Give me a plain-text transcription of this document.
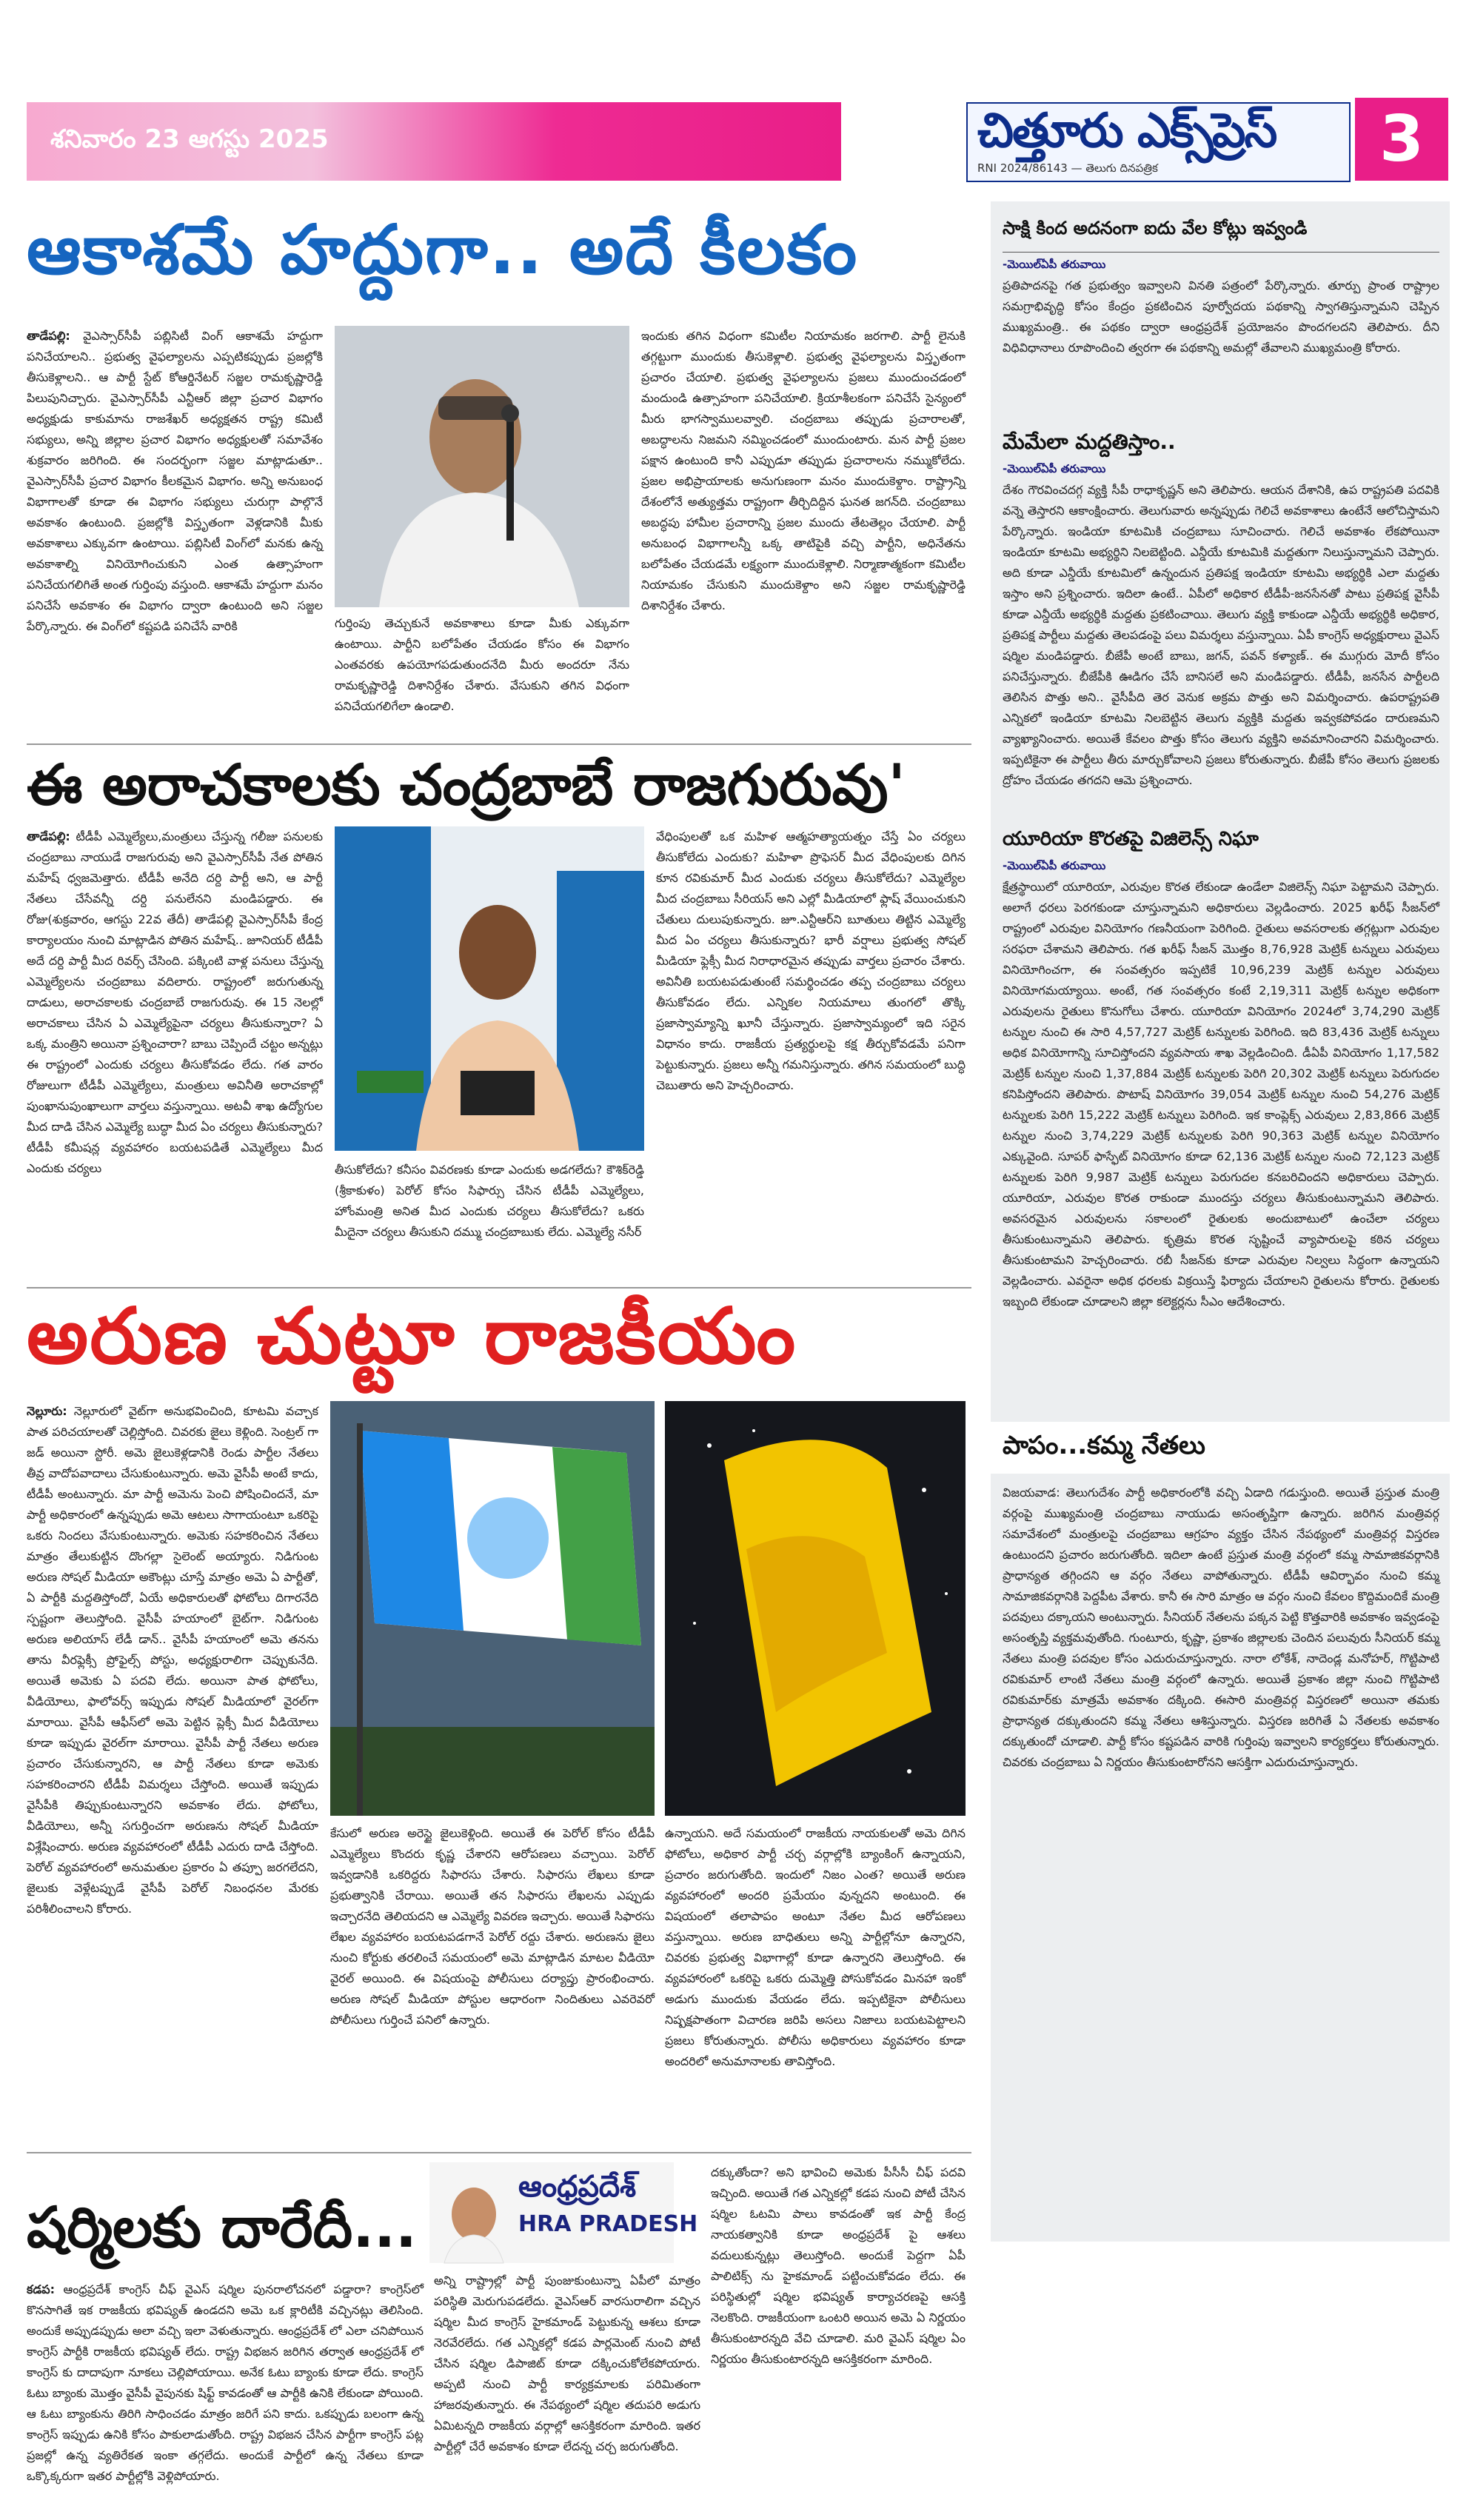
శనివారం 23 ఆగస్టు 2025	చిత్తూరు ఎక్స్‌ప్రెస్
RNI 2024/86143 — తెలుగు దినపత్రిక	3
ఆకాశమే హద్దుగా.. అదే కీలకం
తాడేపల్లి: వైఎస్సార్‌సీపీ పబ్లిసిటీ వింగ్ ఆకాశమే హద్దుగా పనిచేయాలని.. ప్రభుత్వ వైఫల్యాలను ఎప్పటికప్పుడు ప్రజల్లోకి తీసుకెళ్లాలని.. ఆ పార్టీ స్టేట్ కోఆర్డినేటర్ సజ్జల రామకృష్ణారెడ్డి పిలుపునిచ్చారు. వైఎస్సార్‌సీపీ ఎన్టీఆర్ జిల్లా ప్రచార విభాగం అధ్యక్షుడు కాకుమాను రాజశేఖర్ అధ్యక్షతన రాష్ట్ర కమిటీ సభ్యులు, అన్ని జిల్లాల ప్రచార విభాగం అధ్యక్షులతో సమావేశం శుక్రవారం జరిగింది. ఈ సందర్భంగా సజ్జల మాట్లాడుతూ.. వైఎస్సార్‌సీపీ ప్రచార విభాగం కీలకమైన విభాగం. అన్ని అనుబంధ విభాగాలతో కూడా ఈ విభాగం సభ్యులు చురుగ్గా పాల్గొనే అవకాశం ఉంటుంది. ప్రజల్లోకి విస్తృతంగా వెళ్లడానికి మీకు అవకాశాలు ఎక్కువగా ఉంటాయి. పబ్లిసిటీ వింగ్‌లో మనకు ఉన్న అవకాశాల్ని వినియోగించుకుని ఎంత ఉత్సాహంగా పనిచేయగలిగితే అంత గుర్తింపు వస్తుంది. ఆకాశమే హద్దుగా మనం పనిచేసే అవకాశం ఈ విభాగం ద్వారా ఉంటుంది అని సజ్జల పేర్కొన్నారు. ఈ వింగ్‌లో కష్టపడి పనిచేసే వారికి	గుర్తింపు తెచ్చుకునే అవకాశాలు కూడా మీకు ఎక్కువగా ఉంటాయి. పార్టీని బలోపేతం చేయడం కోసం ఈ విభాగం ఎంతవరకు ఉపయోగపడుతుందనేది మీరు అందరూ నేను రామకృష్ణారెడ్డి దిశానిర్దేశం చేశారు. వేసుకుని తగిన విధంగా పనిచేయగలిగేలా ఉండాలి.
ఇందుకు తగిన విధంగా కమిటీల నియామకం జరగాలి. పార్టీ లైనుకి తగ్గట్టుగా ముందుకు తీసుకెళ్లాలి. ప్రభుత్వ వైఫల్యాలను విస్తృతంగా ప్రచారం చేయాలి. ప్రభుత్వ వైఫల్యాలను ప్రజలు ముందుంచడంలో మందుండి ఉత్సాహంగా పనిచేయాలి. క్రియాశీలకంగా పనిచేసే సైన్యంలో మీరు భాగస్వాములవ్వాలి. చంద్రబాబు తప్పుడు ప్రచారాలతో, అబద్ధాలను నిజమని నమ్మించడంలో ముందుంటారు. మన పార్టీ ప్రజల పక్షాన ఉంటుంది కానీ ఎప్పుడూ తప్పుడు ప్రచారాలను నమ్ముకోలేదు. ప్రజల అభిప్రాయాలకు అనుగుణంగా మనం ముందుకెళ్దాం. రాష్ట్రాన్ని దేశంలోనే అత్యుత్తమ రాష్ట్రంగా తీర్చిదిద్దిన ఘనత జగన్‌ది. చంద్రబాబు అబద్ధపు హామీల ప్రచారాన్ని ప్రజల ముందు తేటతెల్లం చేయాలి. పార్టీ అనుబంధ విభాగాలన్నీ ఒక్క తాటిపైకి వచ్చి పార్టీని, అధినేతను బలోపేతం చేయడమే లక్ష్యంగా ముందుకెళ్లాలి. నిర్మాణాత్మకంగా కమిటీల నియామకం చేసుకుని ముందుకెళ్దాం అని సజ్జల రామకృష్ణారెడ్డి దిశానిర్దేశం చేశారు.
ఈ అరాచకాలకు చంద్రబాబే రాజగురువు'
తాడేపల్లి: టీడీపీ ఎమ్మెల్యేలు,మంత్రులు చేస్తున్న గలీజు పనులకు చంద్రబాబు నాయుడే రాజగురువు అని వైఎస్సార్‌సీపీ నేత పోతిన మహేష్ ధ్వజమెత్తారు. టీడీపీ అనేది దర్ది పార్టీ అని, ఆ పార్టీ నేతలు చేసేవన్నీ దర్ది పనులేనని మండిపడ్డారు. ఈ రోజు(శుక్రవారం, ఆగస్టు 22వ తేదీ) తాడేపల్లి వైఎస్సార్‌సీపీ కేంద్ర కార్యాలయం నుంచి మాట్లాడిన పోతిన మహేష్.. జూనియర్ టీడీపీ అదే దర్ది పార్టీ మీద రివర్స్ చేసింది. పక్కింటి వాళ్ల పనులు చేస్తున్న ఎమ్మెల్యేలను చంద్రబాబు వదిలారు. రాష్ట్రంలో జరుగుతున్న దాడులు, అరాచకాలకు చంద్రబాబే రాజగురువు. ఈ 15 నెలల్లో అరాచకాలు చేసిన ఏ ఎమ్మెల్యేపైనా చర్యలు తీసుకున్నారా? ఏ ఒక్క మంత్రిని అయినా ప్రశ్నించారా? బాబు చెప్పిందే చట్టం అన్నట్లు ఈ రాష్ట్రంలో ఎందుకు చర్యలు తీసుకోవడం లేదు. గత వారం రోజులుగా టీడీపీ ఎమ్మెల్యేలు, మంత్రులు అవినీతి అరాచకాల్లో పుంఖానుపుంఖాలుగా వార్తలు వస్తున్నాయి. అటవీ శాఖ ఉద్యోగుల మీద దాడి చేసిన ఎమ్మెల్యే బుద్ధా మీద ఏం చర్యలు తీసుకున్నారు? టీడీపీ కమీషన్ల వ్యవహారం బయటపడితే ఎమ్మెల్యేలు మీద ఎందుకు చర్యలు	తీసుకోలేదు? కనీసం వివరణకు కూడా ఎందుకు అడగలేదు? కౌశిక్‌రెడ్డి (శ్రీకాకుళం) పెరోల్ కోసం సిఫార్సు చేసిన టీడీపీ ఎమ్మెల్యేలు, హోంమంత్రి అనిత మీద ఎందుకు చర్యలు తీసుకోలేదు? ఒకరు మీదైనా చర్యలు తీసుకుని దమ్ము చంద్రబాబుకు లేదు. ఎమ్మెల్యే నసీర్
వేధింపులతో ఒక మహిళ ఆత్మహత్యాయత్నం చేస్తే ఏం చర్యలు తీసుకోలేదు ఎందుకు? మహిళా ప్రొఫెసర్ మీద వేధింపులకు దిగిన కూన రవికుమార్ మీద ఎందుకు చర్యలు తీసుకోలేదు? ఎమ్మెల్యేల మీద చంద్రబాబు సీరియస్ అని ఎల్లో మీడియాలో ఫ్లాష్ వేయించుకుని చేతులు దులుపుకున్నారు. జూ.ఎన్టీఆర్‌ని బూతులు తిట్టిన ఎమ్మెల్యే మీద ఏం చర్యలు తీసుకున్నారు? భారీ వర్షాలు ప్రభుత్వ సోషల్ మీడియా ఫ్లెక్సీ మీద నిరాధారమైన తప్పుడు వార్తలు ప్రచారం చేశారు. అవినీతి బయటపడుతుంటే సమర్థించడం తప్ప చంద్రబాబు చర్యలు తీసుకోవడం లేదు. ఎన్నికల నియమాలు తుంగలో తొక్కి ప్రజాస్వామ్యాన్ని ఖూనీ చేస్తున్నారు. ప్రజాస్వామ్యంలో ఇది సరైన విధానం కాదు. రాజకీయ ప్రత్యర్థులపై కక్ష తీర్చుకోవడమే పనిగా పెట్టుకున్నారు. ప్రజలు అన్నీ గమనిస్తున్నారు. తగిన సమయంలో బుద్ధి చెబుతారు అని హెచ్చరించారు.
అరుణ చుట్టూ రాజకీయం
నెల్లూరు: నెల్లూరులో వైట్‌గా అనుభవించింది, కూటమి వచ్చాక పాత పరిచయాలతో చెల్లిస్తోంది. చివరకు జైలు కెళ్లింది. సెంట్రల్ గా జడ్ అయినా స్టోరీ. అమె జైలుకెళ్లడానికి రెండు పార్టీల నేతలు తీవ్ర వాదోపవాదాలు చేసుకుంటున్నారు. అమె వైసీపీ అంటే కాదు, టీడీపీ అంటున్నారు. మా పార్టీ అమెను పెంచి పోషించిందనే, మా పార్టీ అధికారంలో ఉన్నప్పుడు అమె ఆటలు సాగాయంటూ ఒకరిపై ఒకరు నిందలు వేసుకుంటున్నారు. అమెకు సహకరించిన నేతలు మాత్రం తేలుకుట్టిన దొంగల్లా సైలెంట్ అయ్యారు. నిడిగుంట అరుణ సోషల్ మీడియా అకౌంట్లు చూస్తే మాత్రం అమె ఏ పార్టీతో, ఏ పార్టీకి మద్దతిస్తోందో, ఏయే అధికారులతో ఫోటోలు దిగారనేది స్పష్టంగా తెలుస్తోంది. వైసీపీ హయాంలో బైట్‌గా. నిడిగుంట అరుణ అలియాస్ లేడీ డాన్.. వైసీపీ హయాంలో అమె తనను తాను వీరఫ్లెక్సీ ప్రోఫైల్స్ పోస్టు, అధ్యక్షురాలిగా చెప్పుకునేది. అయితే అమెకు ఏ పదవి లేదు. అయినా పాత ఫోటోలు, వీడియోలు, ఫాలోవర్స్ ఇప్పుడు సోషల్ మీడియాలో వైరల్‌గా మారాయి. వైసీపీ ఆఫీస్‌లో అమె పెట్టిన ప్లెక్సీ మీద వీడియోలు కూడా ఇప్పుడు వైరల్‌గా మారాయి. వైసీపీ పార్టీ నేతలు అరుణ ప్రచారం చేసుకున్నారని, ఆ పార్టీ నేతలు కూడా అమెకు సహకరించారని టీడీపీ విమర్శలు చేస్తోంది. అయితే ఇప్పుడు వైసీపీకి తిప్పుకుంటున్నారని అవకాశం లేదు. ఫోటోలు, వీడియోలు, అన్నీ సగుర్తించగా అరుణను సోషల్ మీడియా విశ్లేషించారు. అరుణ వ్యవహారంలో టీడీపీ ఎదురు దాడి చేస్తోంది. పెరోల్ వ్యవహారంలో అనుమతుల ప్రకారం ఏ తప్పూ జరగలేదని, జైలుకు వెళ్లేటప్పుడే వైసీపీ పెరోల్ నిబంధనల మేరకు పరిశీలించాలని కోరారు.
కేసులో అరుణ అరెస్టై జైలుకెళ్లింది. అయితే ఈ పెరోల్ కోసం టీడీపీ ఎమ్మెల్యేలు కొందరు కృష్ణ చేశారని ఆరోపణలు వచ్చాయి. పెరోల్ ఇవ్వడానికి ఒకరిద్దరు సిఫారసు చేశారు. సిఫారసు లేఖలు కూడా ప్రభుత్వానికి చేరాయి. అయితే తన సిఫారసు లేఖలను ఎప్పుడు ఇచ్చారనేది తెలియదని ఆ ఎమ్మెల్యే వివరణ ఇచ్చారు. అయితే సిఫారసు లేఖల వ్యవహారం బయటపడగానే పెరోల్ రద్దు చేశారు. అరుణను జైలు నుంచి కోర్టుకు తరలించే సమయంలో అమె మాట్లాడిన మాటల వీడియో వైరల్ అయింది. ఈ విషయంపై పోలీసులు దర్యాప్తు ప్రారంభించారు. అరుణ సోషల్ మీడియా పోస్టుల ఆధారంగా నిందితులు ఎవరెవరో పోలీసులు గుర్తించే పనిలో ఉన్నారు.
ఉన్నాయని. అదే సమయంలో రాజకీయ నాయకులతో అమె దిగిన ఫోటోలు, అధికార పార్టీ చర్చ వర్గాల్లోకి బ్యాంకింగ్ ఉన్నాయని, ప్రచారం జరుగుతోంది. ఇందులో నిజం ఎంత? అయితే అరుణ వ్యవహారంలో అందరి ప్రమేయం వున్నదని అంటుంది. ఈ విషయంలో తలాపాపం అంటూ నేతల మీద ఆరోపణలు వస్తున్నాయి. అరుణ బాధితులు అన్ని పార్టీల్లోనూ ఉన్నారని, చివరకు ప్రభుత్వ విభాగాల్లో కూడా ఉన్నారని తెలుస్తోంది. ఈ వ్యవహారంలో ఒకరిపై ఒకరు దుమ్మెత్తి పోసుకోవడం మినహా ఇంకో అడుగు ముందుకు వేయడం లేదు. ఇప్పటికైనా పోలీసులు నిష్పక్షపాతంగా విచారణ జరిపి అసలు నిజాలు బయటపెట్టాలని ప్రజలు కోరుతున్నారు. పోలీసు అధికారులు వ్యవహారం కూడా అందరిలో అనుమానాలకు తావిస్తోంది.
షర్మిలకు దారేదీ...
ఆంధ్రప్రదేశ్
HRA PRADESH
కడప: ఆంధ్రప్రదేశ్ కాంగ్రెస్ చీఫ్ వైఎస్ షర్మిల పునరాలోచనలో పడ్డారా? కాంగ్రెస్‌లో కొనసాగితే ఇక రాజకీయ భవిష్యత్ ఉండదని అమె ఒక క్లారిటీకి వచ్చినట్లు తెలిసింది. అందుకే అప్పుడప్పుడు అలా వచ్చి ఇలా వెళుతున్నారు. ఆంధ్రప్రదేశ్ లో ఎలా చనిపోయిన కాంగ్రెస్ పార్టీకి రాజకీయ భవిష్యత్ లేదు. రాష్ట్ర విభజన జరిగిన తర్వాత ఆంధ్రప్రదేశ్ లో కాంగ్రెస్ కు దాదాపుగా నూకలు చెల్లిపోయాయి. అనేక ఓటు బ్యాంకు కూడా లేదు. కాంగ్రెస్ ఓటు బ్యాంకు మొత్తం వైసీపీ వైపునకు షిఫ్ట్ కావడంతో ఆ పార్టీకి ఉనికి లేకుండా పోయింది. ఆ ఓటు బ్యాంకును తిరిగి సాధించడం మాత్రం జరిగే పని కాదు. ఒకప్పుడు బలంగా ఉన్న కాంగ్రెస్ ఇప్పుడు ఉనికి కోసం పాకులాడుతోంది. రాష్ట్ర విభజన చేసిన పార్టీగా కాంగ్రెస్ పట్ల ప్రజల్లో ఉన్న వ్యతిరేకత ఇంకా తగ్గలేదు. అందుకే పార్టీలో ఉన్న నేతలు కూడా ఒక్కొక్కరుగా ఇతర పార్టీల్లోకి వెళ్లిపోయారు.
అన్ని రాష్ట్రాల్లో పార్టీ పుంజుకుంటున్నా ఏపీలో మాత్రం పరిస్థితి మెరుగుపడలేదు. వైఎస్ఆర్ వారసురాలిగా వచ్చిన షర్మిల మీద కాంగ్రెస్ హైకమాండ్ పెట్టుకున్న ఆశలు కూడా నెరవేరలేదు. గత ఎన్నికల్లో కడప పార్లమెంట్ నుంచి పోటీ చేసిన షర్మిల డిపాజిట్ కూడా దక్కించుకోలేకపోయారు. అప్పటి నుంచి పార్టీ కార్యక్రమాలకు పరిమితంగా హాజరవుతున్నారు. ఈ నేపథ్యంలో షర్మిల తదుపరి అడుగు ఏమిటన్నది రాజకీయ వర్గాల్లో ఆసక్తికరంగా మారింది. ఇతర పార్టీల్లో చేరే అవకాశం కూడా లేదన్న చర్చ జరుగుతోంది.
దక్కుతోందా? అని భావించి అమెకు పీసీసీ చీఫ్ పదవి ఇచ్చింది. అయితే గత ఎన్నికల్లో కడప నుంచి పోటీ చేసిన షర్మిల ఓటమి పాలు కావడంతో ఇక పార్టీ కేంద్ర నాయకత్వానికి కూడా అంధ్రప్రదేశ్ పై ఆశలు వదులుకున్నట్లు తెలుస్తోంది. అందుకే పెద్దగా ఏపీ పాలిటిక్స్ ను హైకమాండ్ పట్టించుకోవడం లేదు. ఈ పరిస్థితుల్లో షర్మిల భవిష్యత్ కార్యాచరణపై ఆసక్తి నెలకొంది. రాజకీయంగా ఒంటరి అయిన అమె ఏ నిర్ణయం తీసుకుంటారన్నది వేచి చూడాలి. మరి వైఎస్ షర్మిల ఏం నిర్ణయం తీసుకుంటారన్నది ఆసక్తికరంగా మారింది.
సాక్షి కింద అదనంగా ఐదు వేల కోట్లు ఇవ్వండి
-మెయిల్‌ఏపీ తరువాయి
ప్రతిపాదనపై గత ప్రభుత్వం ఇవ్వాలని వినతి పత్రంలో పేర్కొన్నారు. తూర్పు ప్రాంత రాష్ట్రాల సమగ్రాభివృద్ధి కోసం కేంద్రం ప్రకటించిన పూర్వోదయ పథకాన్ని స్వాగతిస్తున్నామని చెప్పిన ముఖ్యమంత్రి.. ఈ పథకం ద్వారా ఆంధ్రప్రదేశ్ ప్రయోజనం పొందగలదని తెలిపారు. దీని విధివిధానాలు రూపొందించి త్వరగా ఈ పథకాన్ని అమల్లో తేవాలని ముఖ్యమంత్రి కోరారు.
మేమేలా మద్దతిస్తాం..
-మెయిల్‌ఏపీ తరువాయి
దేశం గౌరవించదగ్గ వ్యక్తి సీపీ రాధాకృష్ణన్ అని తెలిపారు. ఆయన దేశానికి, ఉప రాష్ట్రపతి పదవికి వన్నె తెస్తారని ఆకాంక్షించారు. తెలుగువారు అన్నప్పుడు గెలిచే అవకాశాలు ఉంటేనే ఆలోచిస్తామని పేర్కొన్నారు. ఇండియా కూటమికి చంద్రబాబు సూచించారు. గెలిచే అవకాశం లేకపోయినా ఇండియా కూటమి అభ్యర్థిని నిలబెట్టింది. ఎన్డీయే కూటమికి మద్దతుగా నిలుస్తున్నామని చెప్పారు. అది కూడా ఎన్డీయే కూటమిలో ఉన్నందున ప్రతిపక్ష ఇండియా కూటమి అభ్యర్థికి ఎలా మద్దతు ఇస్తాం అని ప్రశ్నించారు. ఇదిలా ఉంటే.. ఏపీలో అధికార టీడీపీ-జనసేనతో పాటు ప్రతిపక్ష వైసీపీ కూడా ఎన్డీయే అభ్యర్థికి మద్దతు ప్రకటించాయి. తెలుగు వ్యక్తి కాకుండా ఎన్డీయే అభ్యర్థికి అధికార, ప్రతిపక్ష పార్టీలు మద్దతు తెలపడంపై పలు విమర్శలు వస్తున్నాయి. ఏపీ కాంగ్రెస్ అధ్యక్షురాలు వైఎస్ షర్మిల మండిపడ్డారు. బీజేపీ అంటే బాబు, జగన్, పవన్ కళ్యాణ్.. ఈ ముగ్గురు మోదీ కోసం పనిచేస్తున్నారు. బీజేపీకి ఊడిగం చేసే బానిసలే అని మండిపడ్డారు. టీడీపీ, జనసేన పార్టీలది తెలిసిన పొత్తు అని.. వైసీపీది తెర వెనుక అక్రమ పొత్తు అని విమర్శించారు. ఉపరాష్ట్రపతి ఎన్నికలో ఇండియా కూటమి నిలబెట్టిన తెలుగు వ్యక్తికి మద్దతు ఇవ్వకపోవడం దారుణమని వ్యాఖ్యానించారు. అయితే కేవలం పొత్తు కోసం తెలుగు వ్యక్తిని అవమానించారని విమర్శించారు. ఇప్పటికైనా ఈ పార్టీలు తీరు మార్చుకోవాలని ప్రజలు కోరుతున్నారు. బీజేపీ కోసం తెలుగు ప్రజలకు ద్రోహం చేయడం తగదని ఆమె ప్రశ్నించారు.
యూరియా కొరతపై విజిలెన్స్ నిఘా
-మెయిల్‌ఏపీ తరువాయి
క్షేత్రస్థాయిలో యూరియా, ఎరువుల కొరత లేకుండా ఉండేలా విజిలెన్స్ నిఘా పెట్టామని చెప్పారు. అలాగే ధరలు పెరగకుండా చూస్తున్నామని అధికారులు వెల్లడించారు. 2025 ఖరీఫ్ సీజన్‌లో రాష్ట్రంలో ఎరువుల వినియోగం గణనీయంగా పెరిగింది. రైతులు అవసరాలకు తగ్గట్లుగా ఎరువుల సరఫరా చేశామని తెలిపారు. గత ఖరీఫ్ సీజన్ మొత్తం 8,76,928 మెట్రిక్ టన్నులు ఎరువులు వినియోగించగా, ఈ సంవత్సరం ఇప్పటికే 10,96,239 మెట్రిక్ టన్నుల ఎరువులు వినియోగమయ్యాయి. అంటే, గత సంవత్సరం కంటే 2,19,311 మెట్రిక్ టన్నుల అధికంగా ఎరువులను రైతులు కొనుగోలు చేశారు. యూరియా వినియోగం 2024లో 3,74,290 మెట్రిక్ టన్నుల నుంచి ఈ సారి 4,57,727 మెట్రిక్ టన్నులకు పెరిగింది. ఇది 83,436 మెట్రిక్ టన్నులు అధిక వినియోగాన్ని సూచిస్తోందని వ్యవసాయ శాఖ వెల్లడించింది. డీఏపీ వినియోగం 1,17,582 మెట్రిక్ టన్నుల నుంచి 1,37,884 మెట్రిక్ టన్నులకు పెరిగి 20,302 మెట్రిక్ టన్నులు పెరుగుదల కనిపిస్తోందని తెలిపారు. పొటాష్ వినియోగం 39,054 మెట్రిక్ టన్నుల నుంచి 54,276 మెట్రిక్ టన్నులకు పెరిగి 15,222 మెట్రిక్ టన్నులు పెరిగింది. ఇక కాంప్లెక్స్ ఎరువులు 2,83,866 మెట్రిక్ టన్నుల నుంచి 3,74,229 మెట్రిక్ టన్నులకు పెరిగి 90,363 మెట్రిక్ టన్నుల వినియోగం ఎక్కువైంది. సూపర్ ఫాస్ఫేట్ వినియోగం కూడా 62,136 మెట్రిక్ టన్నుల నుంచి 72,123 మెట్రిక్ టన్నులకు పెరిగి 9,987 మెట్రిక్ టన్నులు పెరుగుదల కనబరిచిందని అధికారులు చెప్పారు. యూరియా, ఎరువుల కొరత రాకుండా ముందస్తు చర్యలు తీసుకుంటున్నామని తెలిపారు. అవసరమైన ఎరువులను సకాలంలో రైతులకు అందుబాటులో ఉంచేలా చర్యలు తీసుకుంటున్నామని తెలిపారు. కృత్రిమ కొరత సృష్టించే వ్యాపారులపై కఠిన చర్యలు తీసుకుంటామని హెచ్చరించారు. రబీ సీజన్‌కు కూడా ఎరువుల నిల్వలు సిద్ధంగా ఉన్నాయని వెల్లడించారు. ఎవరైనా అధిక ధరలకు విక్రయిస్తే ఫిర్యాదు చేయాలని రైతులను కోరారు. రైతులకు ఇబ్బంది లేకుండా చూడాలని జిల్లా కలెక్టర్లను సీఎం ఆదేశించారు.
పాపం...కమ్మ నేతలు
విజయవాడ: తెలుగుదేశం పార్టీ అధికారంలోకి వచ్చి ఏడాది గడుస్తుంది. అయితే ప్రస్తుత మంత్రి వర్గంపై ముఖ్యమంత్రి చంద్రబాబు నాయుడు అసంతృప్తిగా ఉన్నారు. జరిగిన మంత్రివర్గ సమావేశంలో మంత్రులపై చంద్రబాబు ఆగ్రహం వ్యక్తం చేసిన నేపథ్యంలో మంత్రివర్గ విస్తరణ ఉంటుందని ప్రచారం జరుగుతోంది. ఇదిలా ఉంటే ప్రస్తుత మంత్రి వర్గంలో కమ్మ సామాజికవర్గానికి ప్రాధాన్యత తగ్గిందని ఆ వర్గం నేతలు వాపోతున్నారు. టీడీపీ ఆవిర్భావం నుంచి కమ్మ సామాజికవర్గానికి పెద్దపీట వేశారు. కానీ ఈ సారి మాత్రం ఆ వర్గం నుంచి కేవలం కొద్దిమందికే మంత్రి పదవులు దక్కాయని అంటున్నారు. సీనియర్ నేతలను పక్కన పెట్టి కొత్తవారికి అవకాశం ఇవ్వడంపై అసంతృప్తి వ్యక్తమవుతోంది. గుంటూరు, కృష్ణా, ప్రకాశం జిల్లాలకు చెందిన పలువురు సీనియర్ కమ్మ నేతలు మంత్రి పదవుల కోసం ఎదురుచూస్తున్నారు. నారా లోకేశ్, నాదెండ్ల మనోహర్, గొట్టిపాటి రవికుమార్ లాంటి నేతలు మంత్రి వర్గంలో ఉన్నారు. అయితే ప్రకాశం జిల్లా నుంచి గొట్టిపాటి రవికుమార్‌కు మాత్రమే అవకాశం దక్కింది. ఈసారి మంత్రివర్గ విస్తరణలో అయినా తమకు ప్రాధాన్యత దక్కుతుందని కమ్మ నేతలు ఆశిస్తున్నారు. విస్తరణ జరిగితే ఏ నేతలకు అవకాశం దక్కుతుందో చూడాలి. పార్టీ కోసం కష్టపడిన వారికి గుర్తింపు ఇవ్వాలని కార్యకర్తలు కోరుతున్నారు. చివరకు చంద్రబాబు ఏ నిర్ణయం తీసుకుంటారోనని ఆసక్తిగా ఎదురుచూస్తున్నారు.
